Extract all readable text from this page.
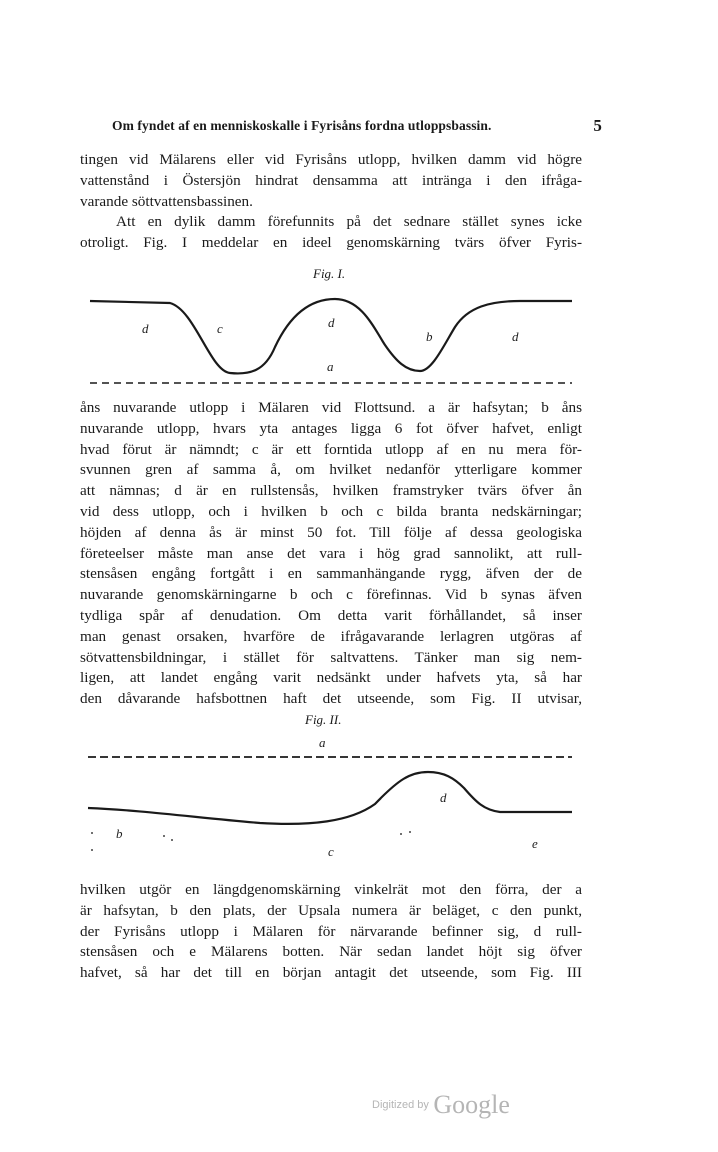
Om fyndet af en menniskoskalle i Fyrisåns fordna utloppsbassin.	5
tingen vid Mälarens eller vid Fyrisåns utlopp, hvilken damm vid högre
vattenstånd i Östersjön hindrat densamma att inträngа i den ifråga-
varande söttvattensbassinen.
Att en dylik damm förefunnits på det sednare stället synes icke
otroligt. Fig. I meddelar en ideel genomskärning tvärs öfver Fyris-
Fig. I.
d	c	d
a
b	d
åns nuvarande utlopp i Mälaren vid Flottsund. a är hafsytan; b åns
nuvarande utlopp, hvars yta antages ligga 6 fot öfver hafvet, enligt
hvad förut är nämndt; c är ett forntida utlopp af en nu mera för-
svunnen gren af samma å, om hvilket nedanför ytterligare kommer
att nämnas; d är en rullstensås, hvilken framstryker tvärs öfver ån
vid dess utlopp, och i hvilken b och c bilda branta nedskärningar;
höjden af denna ås är minst 50 fot. Till följe af dessa geologiska
företeelser måste man anse det vara i hög grad sannolikt, att rull-
stensåsen engång fortgått i en sammanhängande rygg, äfven der de
nuvarande genomskärningarne b och c förefinnas. Vid b synas äfven
tydliga spår af denudation. Om detta varit förhållandet, så inser
man genast orsaken, hvarföre de ifrågavarande lerlagren utgöras af
sötvattensbildningar, i stället för saltvattens. Tänker man sig nem-
ligen, att landet engång varit nedsänkt under hafvets yta, så har
den dåvarande hafsbottnen haft det utseende, som Fig. II utvisar,
Fig. II.
a
d
b
c
e
hvilken utgör en längdgenomskärning vinkelrät mot den förra, der a
är hafsytan, b den plats, der Upsala numera är beläget, c den punkt,
der Fyrisåns utlopp i Mälaren för närvarande befinner sig, d rull-
stensåsen och e Mälarens botten. När sedan landet höjt sig öfver
hafvet, så har det till en början antagit det utseende, som Fig. III
Digitized by Google
